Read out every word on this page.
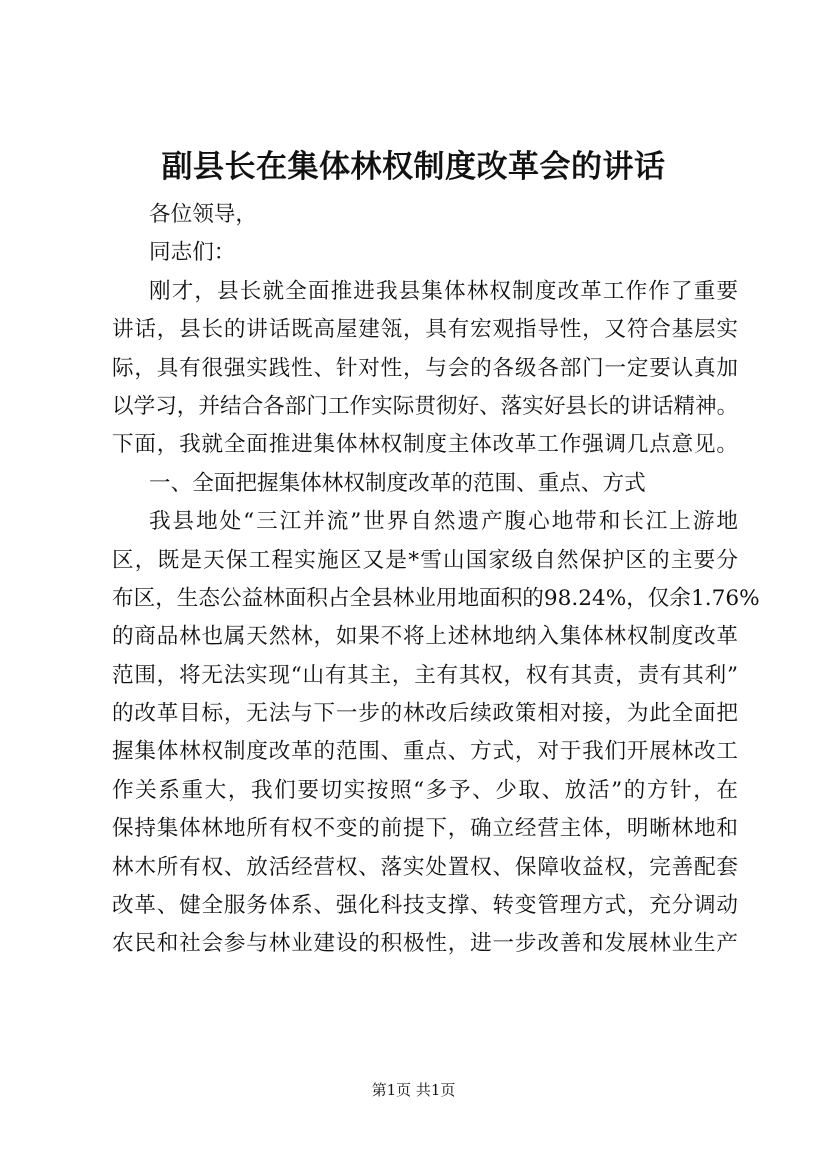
副县长在集体林权制度改革会的讲话
各位领导，
同志们：
刚才，县长就全面推进我县集体林权制度改革工作作了重要
讲话，县长的讲话既高屋建瓴，具有宏观指导性，又符合基层实
际，具有很强实践性、针对性，与会的各级各部门一定要认真加
以学习，并结合各部门工作实际贯彻好、落实好县长的讲话精神。
下面，我就全面推进集体林权制度主体改革工作强调几点意见。
一、全面把握集体林权制度改革的范围、重点、方式
我县地处“三江并流”世界自然遗产腹心地带和长江上游地
区，既是天保工程实施区又是*雪山国家级自然保护区的主要分
布区，生态公益林面积占全县林业用地面积的98.24%，仅余1.76%
的商品林也属天然林，如果不将上述林地纳入集体林权制度改革
范围，将无法实现“山有其主，主有其权，权有其责，责有其利”
的改革目标，无法与下一步的林改后续政策相对接，为此全面把
握集体林权制度改革的范围、重点、方式，对于我们开展林改工
作关系重大，我们要切实按照“多予、少取、放活”的方针，在
保持集体林地所有权不变的前提下，确立经营主体，明晰林地和
林木所有权、放活经营权、落实处置权、保障收益权，完善配套
改革、健全服务体系、强化科技支撑、转变管理方式，充分调动
农民和社会参与林业建设的积极性，进一步改善和发展林业生产
第1页 共1页
